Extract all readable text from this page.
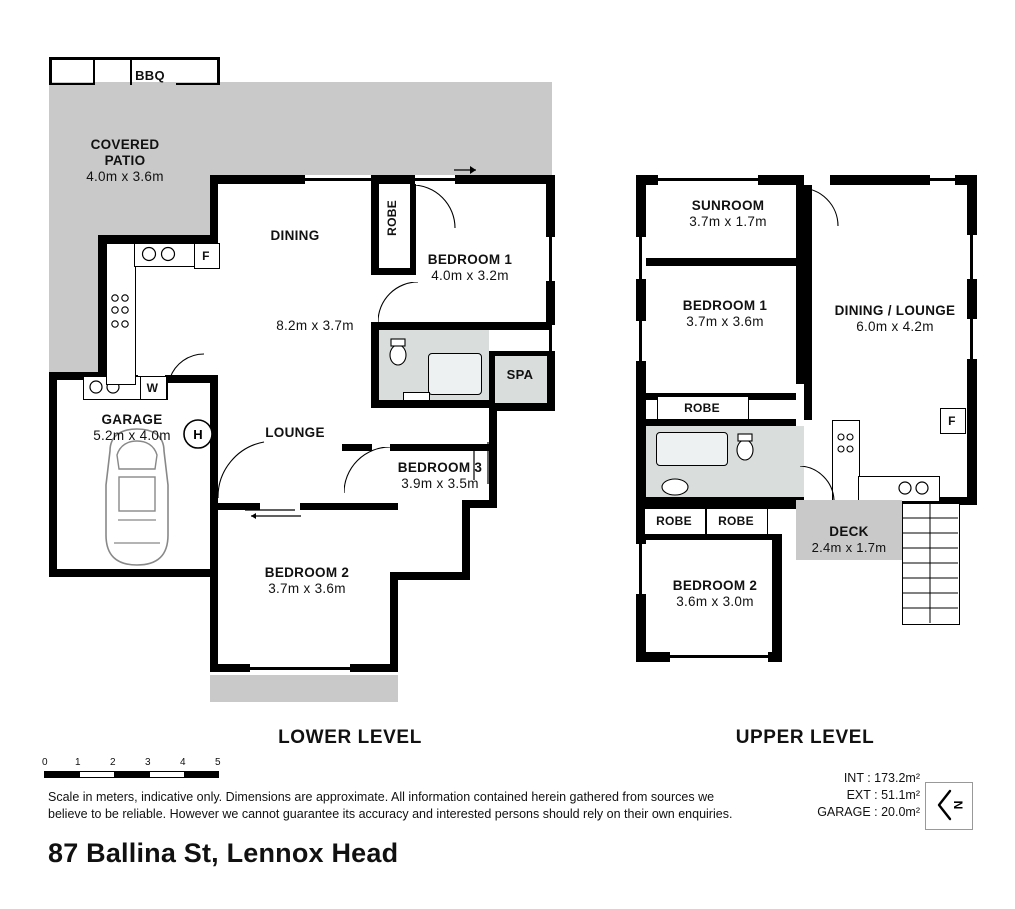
BBQ
COVERED
PATIO
4.0m x 3.6m
GARAGE
5.2m x 4.0m	H
W
F
DINING
8.2m x 3.7m
LOUNGE
ROBE
BEDROOM 1
4.0m x 3.2m
SPA
BEDROOM 3
3.9m x 3.5m
BEDROOM 2
3.7m x 3.6m
LOWER LEVEL
SUNROOM
3.7m x 1.7m
BEDROOM 1
3.7m x 3.6m
DINING / LOUNGE
6.0m x 4.2m
ROBE
ROBE	ROBE
BEDROOM 2
3.6m x 3.0m
F
DECK
2.4m x 1.7m
UPPER LEVEL
0	1	2	3	4	5
Scale in meters, indicative only. Dimensions are approximate. All information contained herein gathered from sources we believe to be reliable. However we cannot guarantee its accuracy and interested persons should rely on their own enquiries.
INT : 173.2m²
EXT : 51.1m²
GARAGE : 20.0m²	N
87 Ballina St, Lennox Head
